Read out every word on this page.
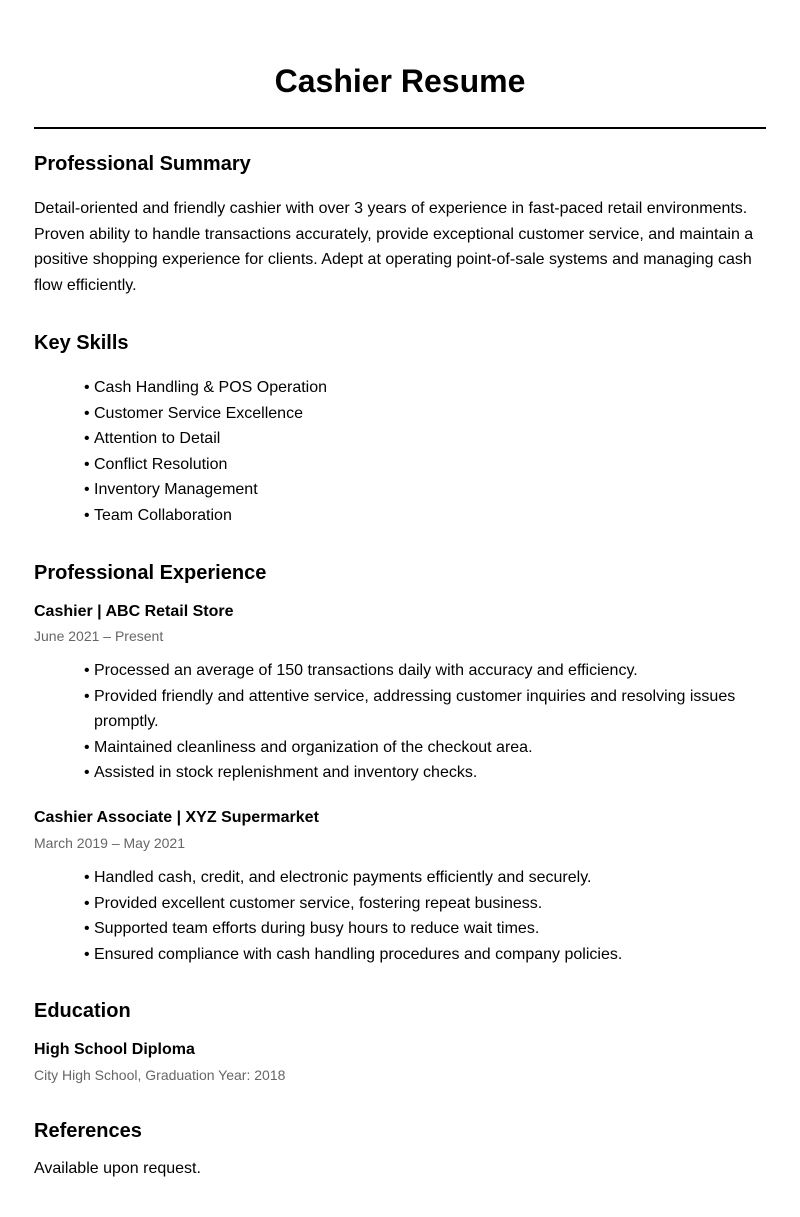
Cashier Resume
Professional Summary

Detail-oriented and friendly cashier with over 3 years of experience in fast-paced retail environments. Proven ability to handle transactions accurately, provide exceptional customer service, and maintain a positive shopping experience for clients. Adept at operating point-of-sale systems and managing cash flow efficiently.

Key Skills
• Cash Handling & POS Operation
• Customer Service Excellence
• Attention to Detail
• Conflict Resolution
• Inventory Management
• Team Collaboration
Professional Experience
Cashier | ABC Retail Store

June 2021 – Present

• Processed an average of 150 transactions daily with accuracy and efficiency.
• Provided friendly and attentive service, addressing customer inquiries and resolving issues promptly.
• Maintained cleanliness and organization of the checkout area.
• Assisted in stock replenishment and inventory checks.
Cashier Associate | XYZ Supermarket

March 2019 – May 2021

• Handled cash, credit, and electronic payments efficiently and securely.
• Provided excellent customer service, fostering repeat business.
• Supported team efforts during busy hours to reduce wait times.
• Ensured compliance with cash handling procedures and company policies.
Education
High School Diploma

City High School, Graduation Year: 2018

References

Available upon request.
